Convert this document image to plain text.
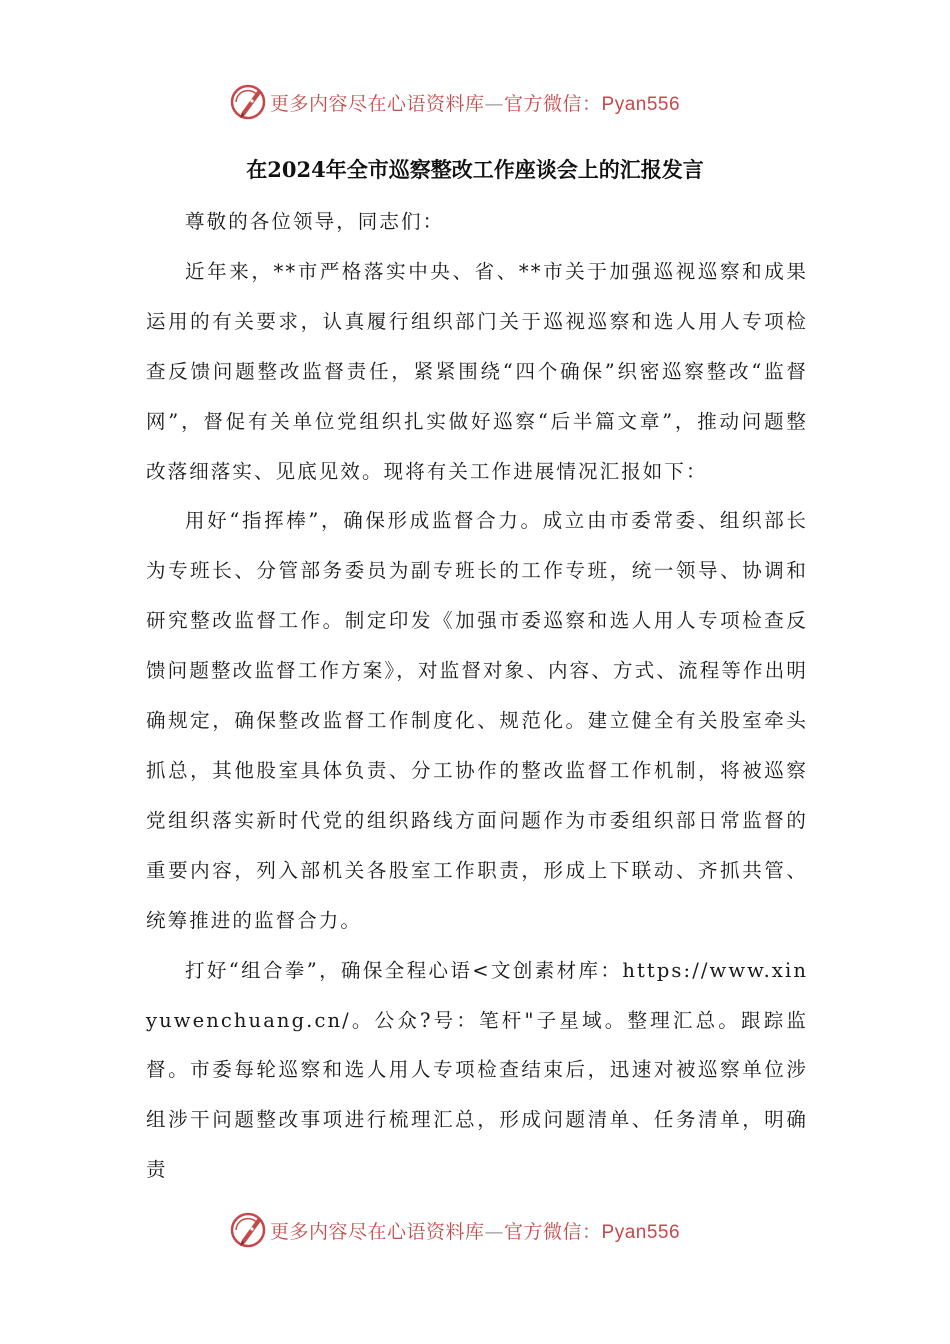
更多内容尽在心语资料库—官方微信：Pyan556
在2024年全市巡察整改工作座谈会上的汇报发言

尊敬的各位领导，同志们：

近年来，**市严格落实中央、省、**市关于加强巡视巡察和成果运用的有关要求，认真履行组织部门关于巡视巡察和选人用人专项检查反馈问题整改监督责任，紧紧围绕“四个确保”织密巡察整改“监督网”，督促有关单位党组织扎实做好巡察“后半篇文章”，推动问题整改落细落实、见底见效。现将有关工作进展情况汇报如下：

用好“指挥棒”，确保形成监督合力。成立由市委常委、组织部长为专班长、分管部务委员为副专班长的工作专班，统一领导、协调和研究整改监督工作。制定印发《加强市委巡察和选人用人专项检查反馈问题整改监督工作方案》，对监督对象、内容、方式、流程等作出明确规定，确保整改监督工作制度化、规范化。建立健全有关股室牵头抓总，其他股室具体负责、分工协作的整改监督工作机制，将被巡察党组织落实新时代党的组织路线方面问题作为市委组织部日常监督的重要内容，列入部机关各股室工作职责，形成上下联动、齐抓共管、统筹推进的监督合力。

打好“组合拳”，确保全程心语<文创素材库：https://www.xinyuwenchuang.cn/。公众?号：笔杆"子星域。整理汇总。跟踪监督。市委每轮巡察和选人用人专项检查结束后，迅速对被巡察单位涉组涉干问题整改事项进行梳理汇总，形成问题清单、任务清单，明确责

更多内容尽在心语资料库—官方微信：Pyan556
